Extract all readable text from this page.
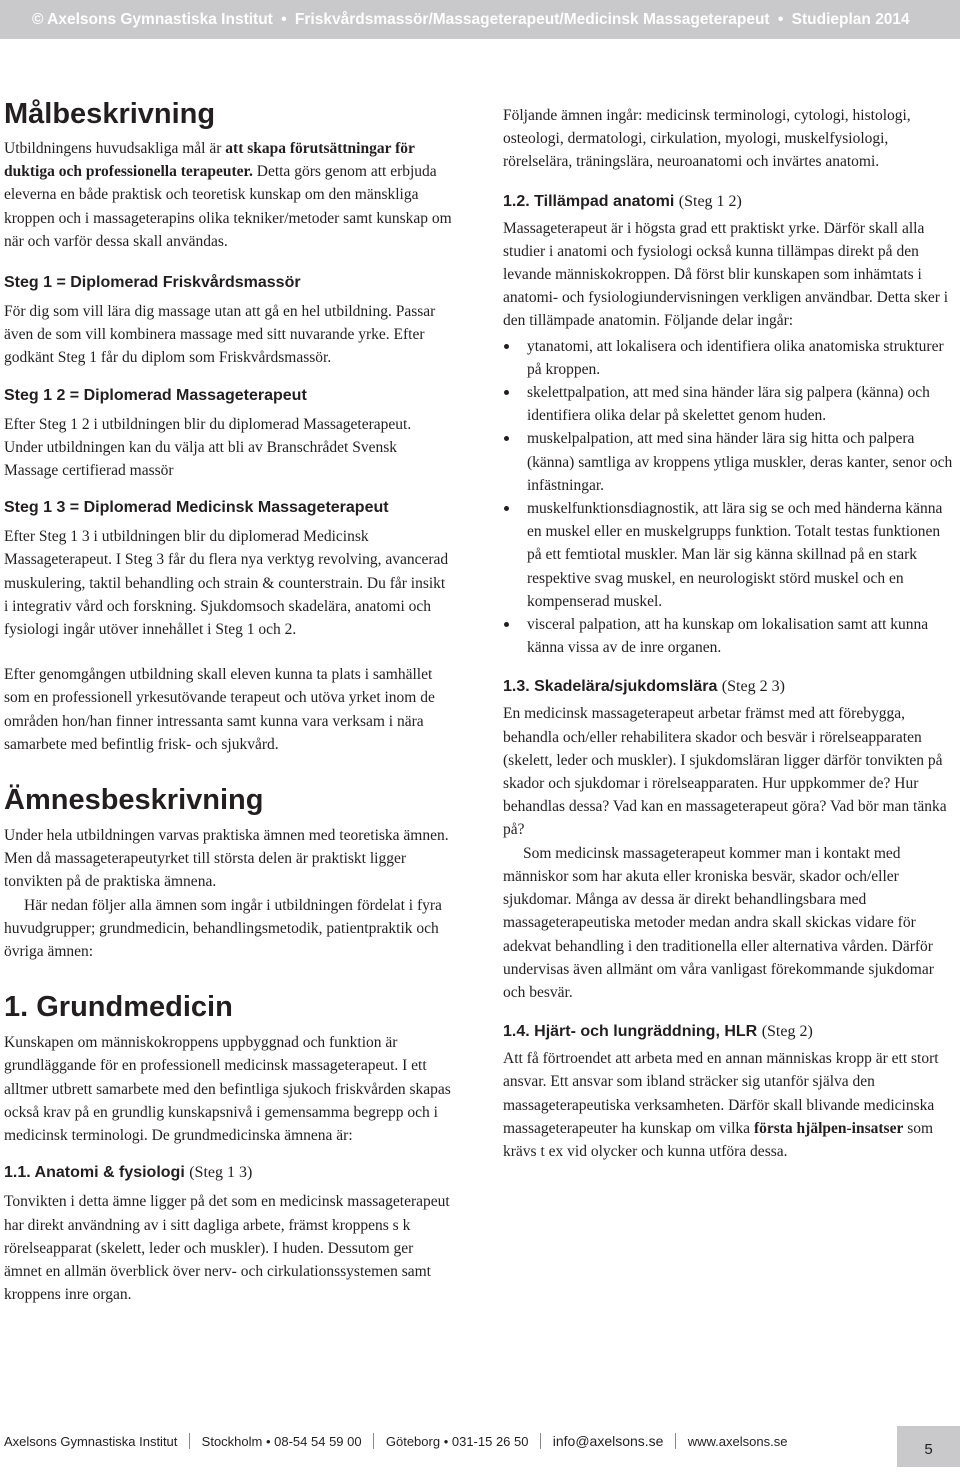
© Axelsons Gymnastiska Institut • Friskvårdsmassör/Massageterapeut/Medicinsk Massageterapeut • Studieplan 2014
Målbeskrivning

Utbildningens huvudsakliga mål är att skapa förutsättningar för duktiga och professionella terapeuter. Detta görs genom att erbjuda eleverna en både praktisk och teoretisk kunskap om den mänskliga kroppen och i massageterapins olika tekniker/metoder samt kunskap om när och varför dessa skall användas.

Steg 1 = Diplomerad Friskvårdsmassör

För dig som vill lära dig massage utan att gå en hel utbildning. Passar även de som vill kombinera massage med sitt nuvarande yrke. Efter godkänt Steg 1 får du diplom som Friskvårdsmassör.

Steg 1 2 = Diplomerad Massageterapeut

Efter Steg 1 2 i utbildningen blir du diplomerad Massageterapeut. Under utbildningen kan du välja att bli av Branschrådet Svensk Massage certifierad massör

Steg 1 3 = Diplomerad Medicinsk Massageterapeut

Efter Steg 1 3 i utbildningen blir du diplomerad Medicinsk Massageterapeut. I Steg 3 får du flera nya verktyg revolving, avancerad muskulering, taktil behandling och strain & counterstrain. Du får insikt i integrativ vård och forskning. Sjukdomsoch skadelära, anatomi och fysiologi ingår utöver innehållet i Steg 1 och 2.

Efter genomgången utbildning skall eleven kunna ta plats i samhället som en professionell yrkesutövande terapeut och utöva yrket inom de områden hon/han finner intressanta samt kunna vara verksam i nära samarbete med befintlig frisk- och sjukvård.

Ämnesbeskrivning

Under hela utbildningen varvas praktiska ämnen med teoretiska ämnen. Men då massageterapeutyrket till största delen är praktiskt ligger tonvikten på de praktiska ämnena.

Här nedan följer alla ämnen som ingår i utbildningen fördelat i fyra huvudgrupper; grundmedicin, behandlingsmetodik, patientpraktik och övriga ämnen:

1. Grundmedicin

Kunskapen om människokroppens uppbyggnad och funktion är grundläggande för en professionell medicinsk massageterapeut. I ett alltmer utbrett samarbete med den befintliga sjukoch friskvården skapas också krav på en grundlig kunskapsnivå i gemensamma begrepp och i medicinsk terminologi. De grundmedicinska ämnena är:

1.1. Anatomi & fysiologi (Steg 1 3)

Tonvikten i detta ämne ligger på det som en medicinsk massageterapeut har direkt användning av i sitt dagliga arbete, främst kroppens s k rörelseapparat (skelett, leder och muskler). I huden. Dessutom ger ämnet en allmän överblick över nerv- och cirkulationssystemen samt kroppens inre organ.

Följande ämnen ingår: medicinsk terminologi, cytologi, histologi, osteologi, dermatologi, cirkulation, myologi, muskelfysiologi, rörelselära, träningslära, neuroanatomi och invärtes anatomi.

1.2. Tillämpad anatomi (Steg 1 2)

Massageterapeut är i högsta grad ett praktiskt yrke. Därför skall alla studier i anatomi och fysiologi också kunna tillämpas direkt på den levande människokroppen. Då först blir kunskapen som inhämtats i anatomi- och fysiologiundervisningen verkligen användbar. Detta sker i den tillämpade anatomin. Följande delar ingår:

ytanatomi, att lokalisera och identifiera olika anatomiska strukturer på kroppen.
skelettpalpation, att med sina händer lära sig palpera (känna) och identifiera olika delar på skelettet genom huden.
muskelpalpation, att med sina händer lära sig hitta och palpera (känna) samtliga av kroppens ytliga muskler, deras kanter, senor och infästningar.
muskelfunktionsdiagnostik, att lära sig se och med händerna känna en muskel eller en muskelgrupps funktion. Totalt testas funktionen på ett femtiotal muskler. Man lär sig känna skillnad på en stark respektive svag muskel, en neurologiskt störd muskel och en kompenserad muskel.
visceral palpation, att ha kunskap om lokalisation samt att kunna känna vissa av de inre organen.
1.3. Skadelära/sjukdomslära (Steg 2 3)

En medicinsk massageterapeut arbetar främst med att förebygga, behandla och/eller rehabilitera skador och besvär i rörelseapparaten (skelett, leder och muskler). I sjukdomsläran ligger därför tonvikten på skador och sjukdomar i rörelseapparaten. Hur uppkommer de? Hur behandlas dessa? Vad kan en massageterapeut göra? Vad bör man tänka på?

Som medicinsk massageterapeut kommer man i kontakt med människor som har akuta eller kroniska besvär, skador och/eller sjukdomar. Många av dessa är direkt behandlingsbara med massageterapeutiska metoder medan andra skall skickas vidare för adekvat behandling i den traditionella eller alternativa vården. Därför undervisas även allmänt om våra vanligast förekommande sjukdomar och besvär.

1.4. Hjärt- och lungräddning, HLR (Steg 2)

Att få förtroendet att arbeta med en annan människas kropp är ett stort ansvar. Ett ansvar som ibland sträcker sig utanför själva den massageterapeutiska verksamheten. Därför skall blivande medicinska massageterapeuter ha kunskap om vilka första hjälpen-insatser som krävs t ex vid olycker och kunna utföra dessa.

Axelsons Gymnastiska Institut Stockholm • 08-54 54 59 00 Göteborg • 031-15 26 50 info@axelsons.se www.axelsons.se	5
